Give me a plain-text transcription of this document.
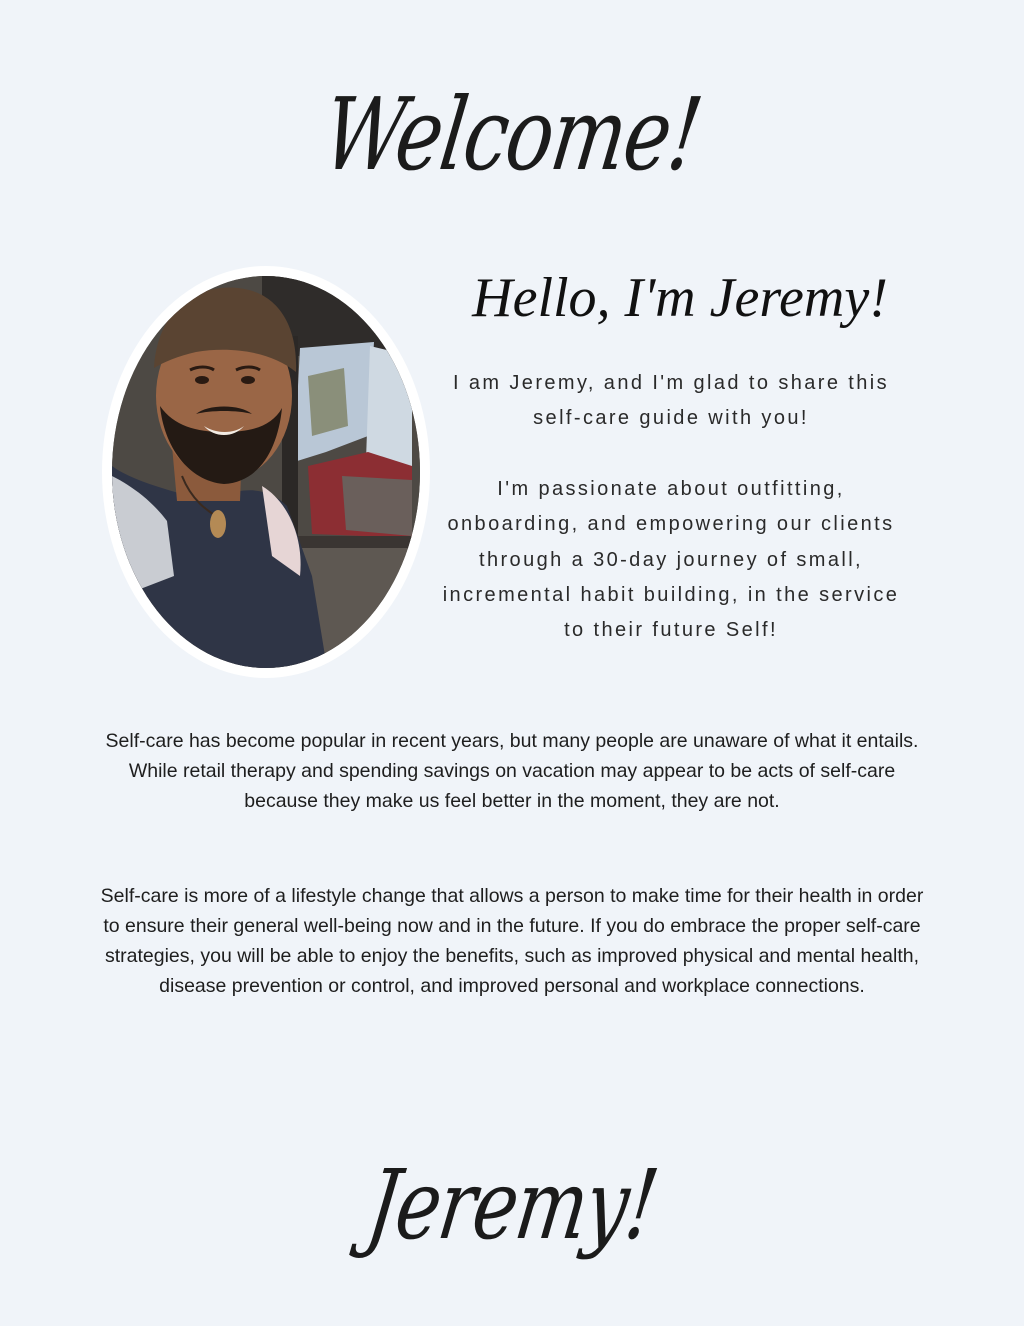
Welcome!
Hello, I'm Jeremy!

I am Jeremy, and I'm glad to share this self-care guide with you!

I'm passionate about outfitting, onboarding, and empowering our clients through a 30-day journey of small, incremental habit building, in the service to their future Self!

Self-care has become popular in recent years, but many people are unaware of what it entails. While retail therapy and spending savings on vacation may appear to be acts of self-care because they make us feel better in the moment, they are not.

Self-care is more of a lifestyle change that allows a person to make time for their health in order to ensure their general well-being now and in the future. If you do embrace the proper self-care strategies, you will be able to enjoy the benefits, such as improved physical and mental health, disease prevention or control, and improved personal and workplace connections.

Jeremy!
